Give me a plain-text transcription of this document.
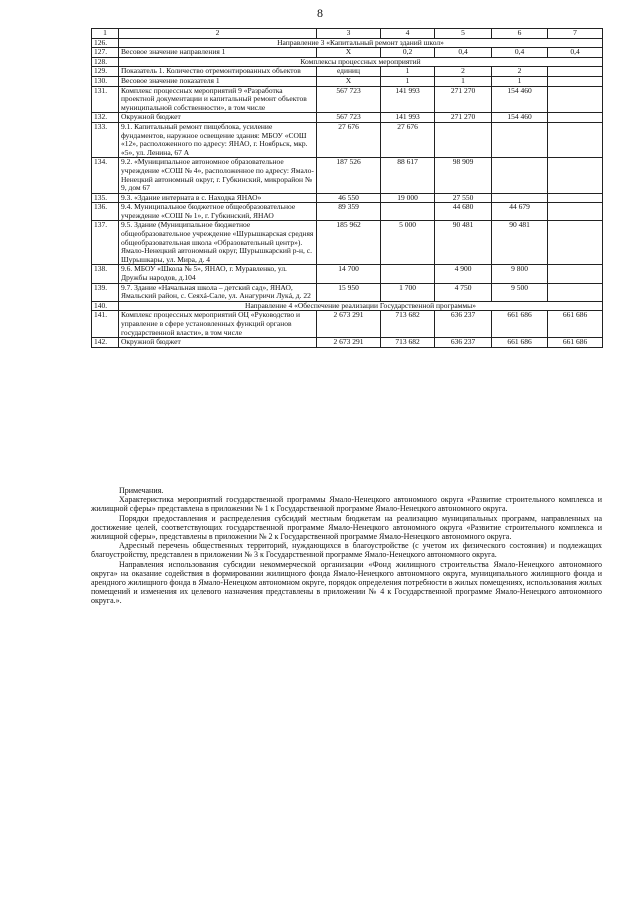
8
1	2	3	4	5	6	7
126.	Направление 3 «Капитальный ремонт зданий школ»					
127.	Весовое значение направления 1	X	0,2	0,4	0,4	0,4
128.	Комплексы процессных мероприятий					
129.	Показатель 1. Количество отремонтированных объектов	единиц	1	2	2	
130.	Весовое значение показателя 1	X	1	1	1	
131.	Комплекс процессных мероприятий 9 «Разработка проектной документации и капитальный ремонт объектов муниципальной собственности», в том числе	567 723	141 993	271 270	154 460	
132.	Окружной бюджет	567 723	141 993	271 270	154 460	
133.	9.1. Капитальный ремонт пищеблока, усиление фундаментов, наружное освещение здания: МБОУ «СОШ «12», расположенного по адресу: ЯНАО, г. Ноябрьск, мкр. «5», ул. Ленина, 67 А	27 676	27 676			
134.	9.2. «Муниципальное автономное образовательное учреждение «СОШ № 4», расположенное по адресу: Ямало-Ненецкий автономный округ, г. Губкинский, микрорайон № 9, дом 67	187 526	88 617	98 909		
135.	9.3. «Здание интерната в с. Находка ЯНАО»	46 550	19 000	27 550		
136.	9.4. Муниципальное бюджетное общеобразовательное учреждение «СОШ № 1», г. Губкинский, ЯНАО	89 359		44 680	44 679	
137.	9.5. Здание (Муниципальное бюджетное общеобразовательное учреждение «Шурышкарская средняя общеобразовательная школа «Образовательный центр»). Ямало-Ненецкий автономный округ, Шурышкарский р-н, с. Шурышкары, ул. Мира, д. 4	185 962	5 000	90 481	90 481	
138.	9.6. МБОУ «Школа № 5», ЯНАО, г. Муравленко, ул. Дружбы народов, д.104	14 700		4 900	9 800	
139.	9.7. Здание «Начальная школа – детский сад», ЯНАО, Ямальский район, с. Сеяхá-Сале, ул. Анагуричи Лукá, д. 22	15 950	1 700	4 750	9 500	
140.	Направление 4 «Обеспечение реализации Государственной программы»					
141.	Комплекс процессных мероприятий ОЦ «Руководство и управление в сфере установленных функций органов государственной власти», в том числе	2 673 291	713 682	636 237	661 686	661 686
142.	Окружной бюджет	2 673 291	713 682	636 237	661 686	661 686

Примечания.

Характеристика мероприятий государственной программы Ямало-Ненецкого автономного округа «Развитие строительного комплекса и жилищной сферы» представлена в приложении № 1 к Государственной программе Ямало-Ненецкого автономного округа.

Порядки предоставления и распределения субсидий местным бюджетам на реализацию муниципальных программ, направленных на достижение целей, соответствующих государственной программе Ямало-Ненецкого автономного округа «Развитие строительного комплекса и жилищной сферы», представлены в приложении № 2 к Государственной программе Ямало-Ненецкого автономного округа.

Адресный перечень общественных территорий, нуждающихся в благоустройстве (с учетом их физического состояния) и подлежащих благоустройству, представлен в приложении № 3 к Государственной программе Ямало-Ненецкого автономного округа.

Направления использования субсидии некоммерческой организации «Фонд жилищного строительства Ямало-Ненецкого автономного округа» на оказание содействия в формировании жилищного фонда Ямало-Ненецкого автономного округа, муниципального жилищного фонда и арендного жилищного фонда в Ямало-Ненецком автономном округе, порядок определения потребности в жилых помещениях, использования жилых помещений и изменения их целевого назначения представлены в приложении № 4 к Государственной программе Ямало-Ненецкого автономного округа.».
